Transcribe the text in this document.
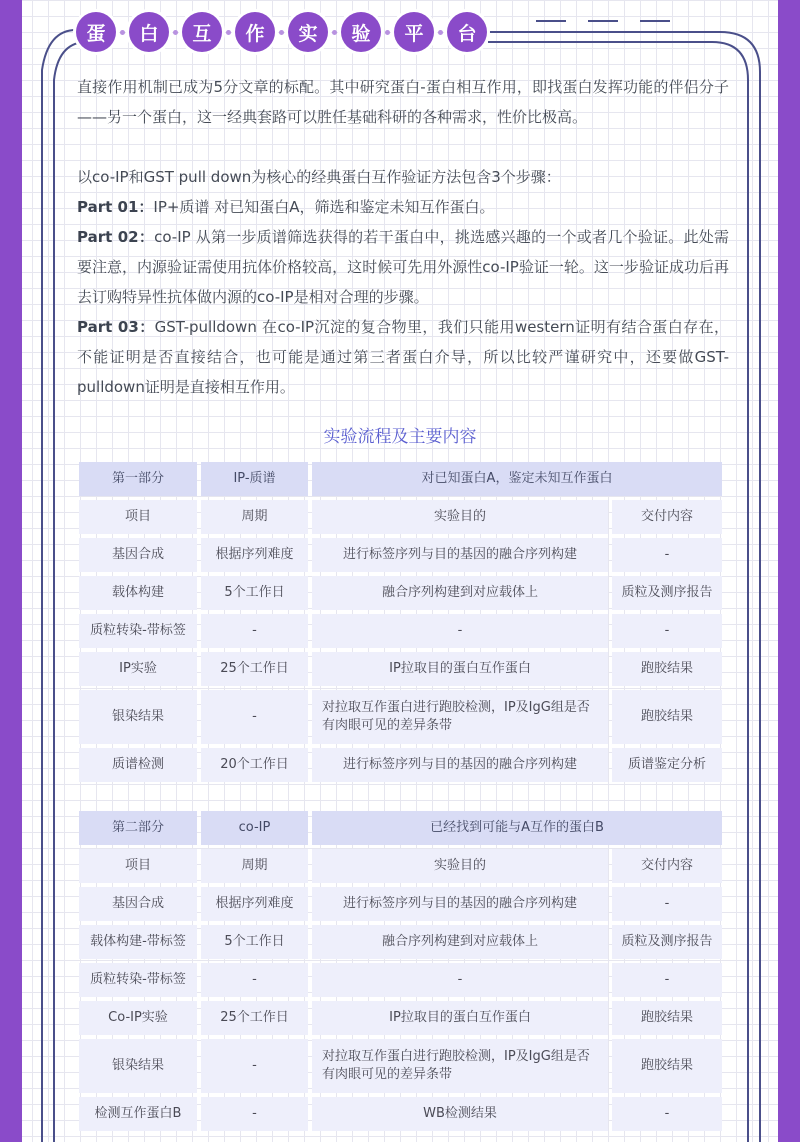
蛋	白	互	作	实	验	平	台

直接作用机制已成为5分文章的标配。其中研究蛋白-蛋白相互作用，即找蛋白发挥功能的伴侣分子——另一个蛋白，这一经典套路可以胜任基础科研的各种需求，性价比极高。

以co-IP和GST pull down为核心的经典蛋白互作验证方法包含3个步骤：

Part 01：IP+质谱 对已知蛋白A，筛选和鉴定未知互作蛋白。

Part 02：co-IP 从第一步质谱筛选获得的若干蛋白中，挑选感兴趣的一个或者几个验证。此处需要注意，内源验证需使用抗体价格较高，这时候可先用外源性co-IP验证一轮。这一步验证成功后再去订购特异性抗体做内源的co-IP是相对合理的步骤。

Part 03：GST-pulldown 在co-IP沉淀的复合物里，我们只能用western证明有结合蛋白存在，不能证明是否直接结合，也可能是通过第三者蛋白介导，所以比较严谨研究中，还要做GST-pulldown证明是直接相互作用。

实验流程及主要内容
第一部分	IP-质谱	对已知蛋白A，鉴定未知互作蛋白	
项目	周期	实验目的	交付内容
基因合成	根据序列难度	进行标签序列与目的基因的融合序列构建	-
载体构建	5个工作日	融合序列构建到对应载体上	质粒及测序报告
质粒转染-带标签	-	-	-
IP实验	25个工作日	IP拉取目的蛋白互作蛋白	跑胶结果
银染结果	-	对拉取互作蛋白进行跑胶检测，IP及IgG组是否有肉眼可见的差异条带	跑胶结果
质谱检测	20个工作日	进行标签序列与目的基因的融合序列构建	质谱鉴定分析
第二部分	co-IP	已经找到可能与A互作的蛋白B	
项目	周期	实验目的	交付内容
基因合成	根据序列难度	进行标签序列与目的基因的融合序列构建	-
载体构建-带标签	5个工作日	融合序列构建到对应载体上	质粒及测序报告
质粒转染-带标签	-	-	-
Co-IP实验	25个工作日	IP拉取目的蛋白互作蛋白	跑胶结果
银染结果	-	对拉取互作蛋白进行跑胶检测，IP及IgG组是否有肉眼可见的差异条带	跑胶结果
检测互作蛋白B	-	WB检测结果	-
